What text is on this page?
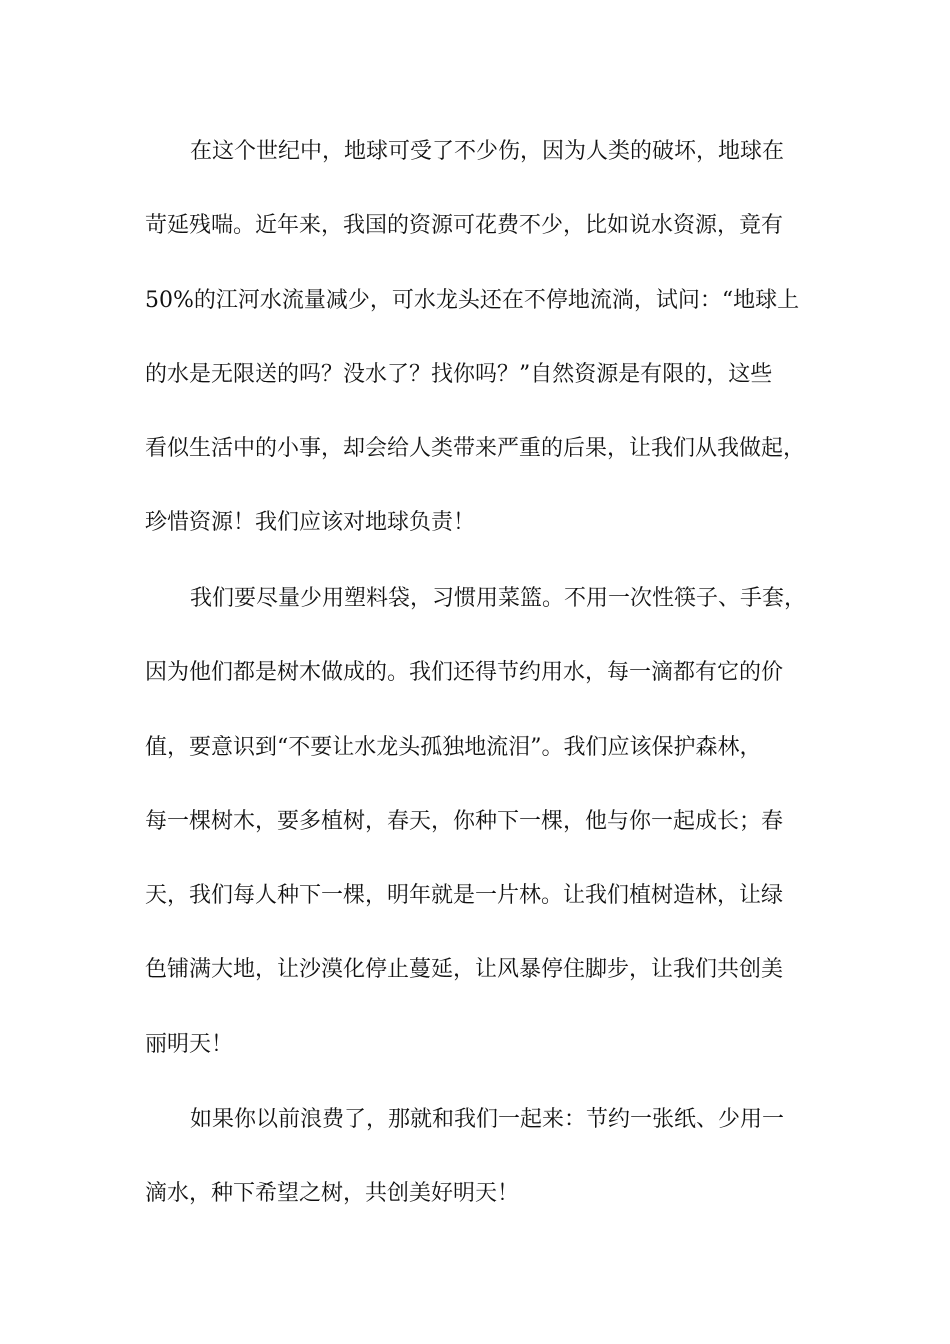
在这个世纪中，地球可受了不少伤，因为人类的破坏，地球在

苛延残喘。近年来，我国的资源可花费不少，比如说水资源，竟有

50%的江河水流量减少，可水龙头还在不停地流淌，试问：“地球上

的水是无限送的吗？没水了？找你吗？”自然资源是有限的，这些

看似生活中的小事，却会给人类带来严重的后果，让我们从我做起，

珍惜资源！我们应该对地球负责！

我们要尽量少用塑料袋，习惯用菜篮。不用一次性筷子、手套，

因为他们都是树木做成的。我们还得节约用水，每一滴都有它的价

值，要意识到“不要让水龙头孤独地流泪”。我们应该保护森林，

每一棵树木，要多植树，春天，你种下一棵，他与你一起成长；春

天，我们每人种下一棵，明年就是一片林。让我们植树造林，让绿

色铺满大地，让沙漠化停止蔓延，让风暴停住脚步，让我们共创美

丽明天！

如果你以前浪费了，那就和我们一起来：节约一张纸、少用一

滴水，种下希望之树，共创美好明天！
